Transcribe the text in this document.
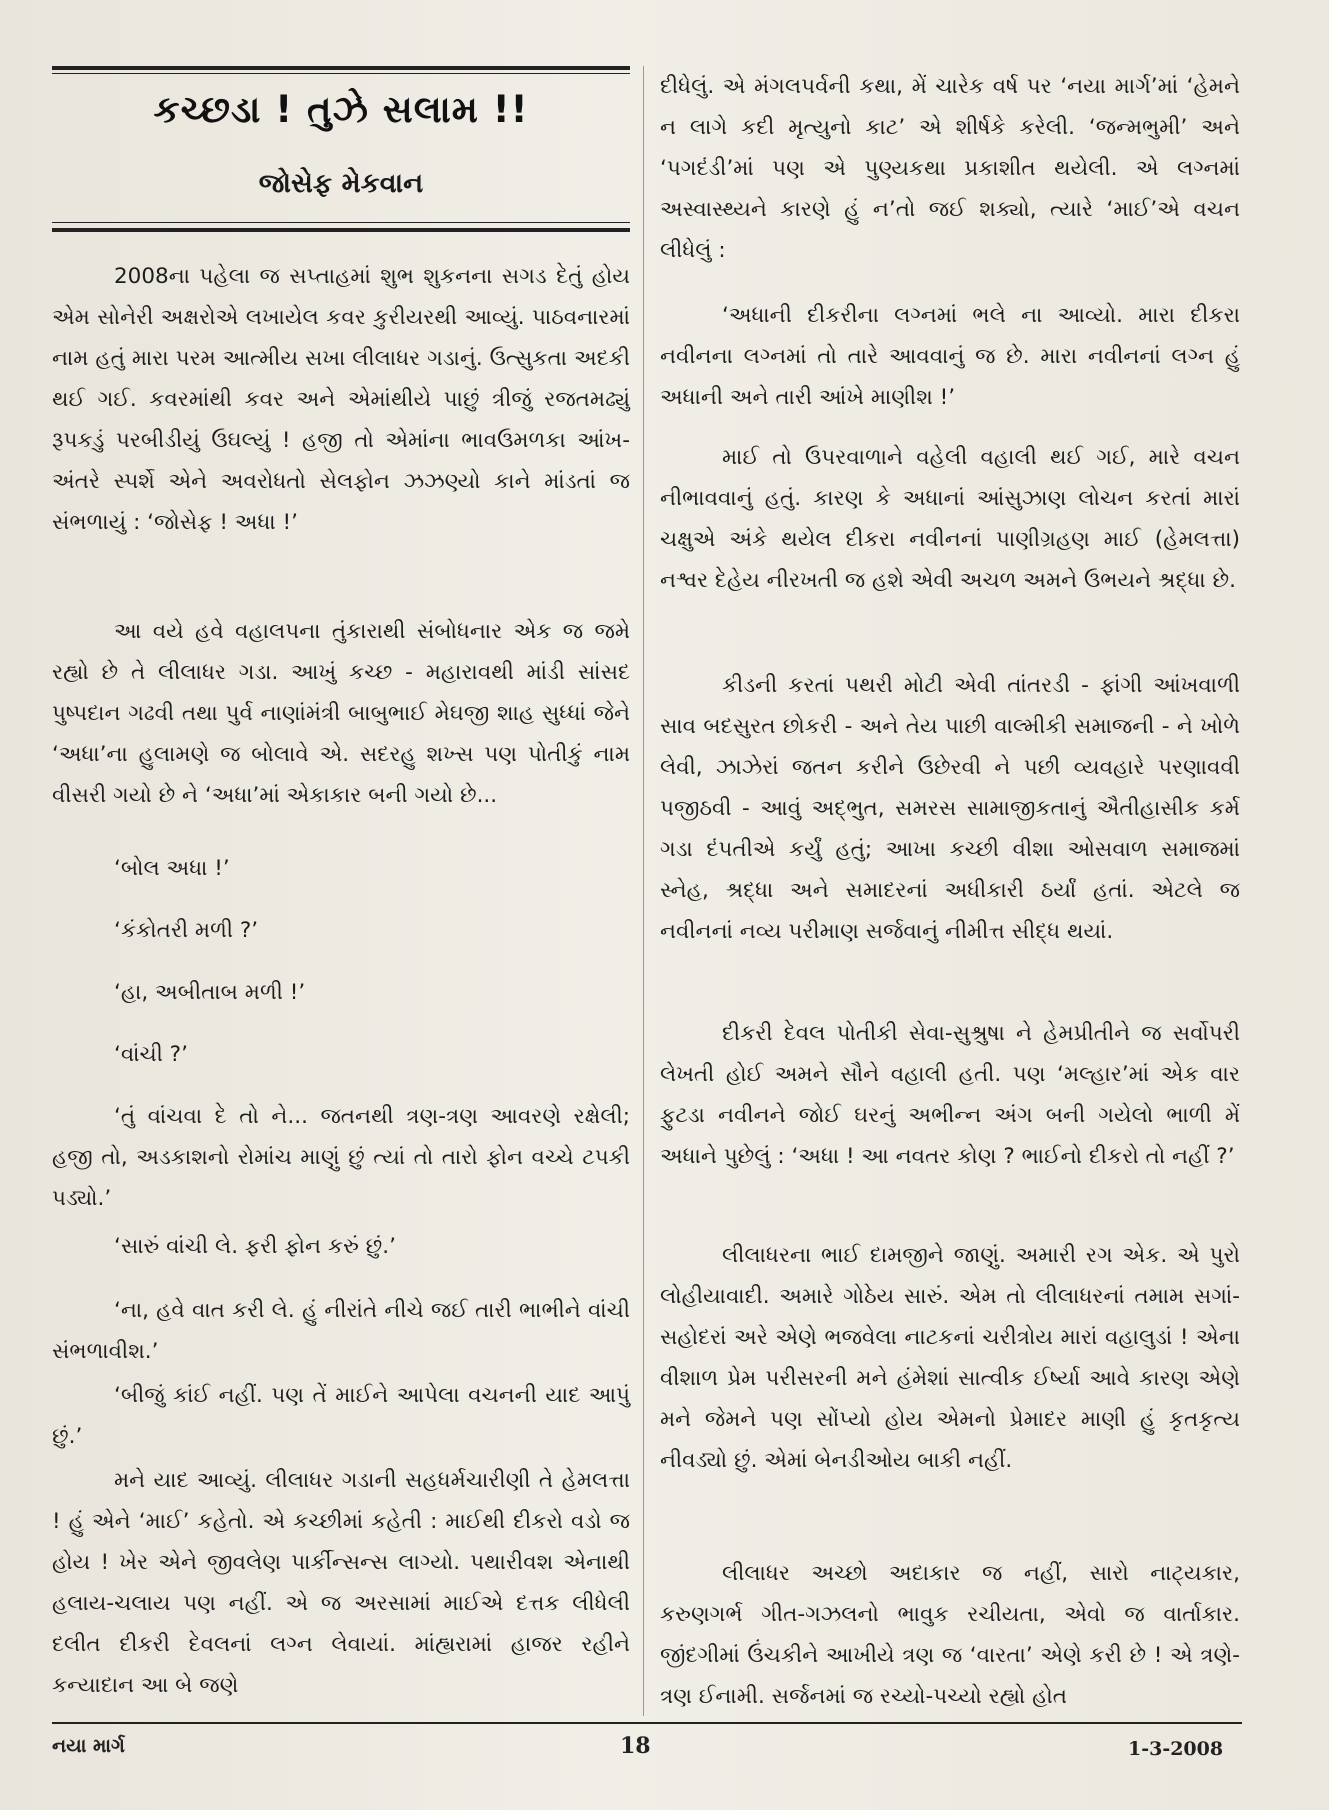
કચ્છડા ! તુઝે સલામ !!
જોસેફ મેકવાન

2008ના પહેલા જ સપ્તાહમાં શુભ શુકનના સગડ દેતું હોય એમ સોનેરી અક્ષરોએ લખાયેલ કવર કુરીયરથી આવ્યું. પાઠવનારમાં નામ હતું મારા પરમ આત્મીય સખા લીલાધર ગડાનું. ઉત્સુકતા અદકી થઈ ગઈ. કવરમાંથી કવર અને એમાંથીયે પાછું ત્રીજું રજતમઢ્યું રૂપકડું પરબીડીયું ઉઘલ્યું ! હજી તો એમાંના ભાવઉમળકા આંખ-અંતરે સ્પર્શે એને અવરોધતો સેલફોન ઝઝણ્યો કાને માંડતાં જ સંભળાયું : ‘જોસેફ ! અધા !’

આ વયે હવે વહાલપના તુંકારાથી સંબોધનાર એક જ જમે રહ્યો છે તે લીલાધર ગડા. આખું કચ્છ - મહારાવથી માંડી સાંસદ પુષ્પદાન ગઢવી તથા પુર્વ નાણાંમંત્રી બાબુભાઈ મેઘજી શાહ સુધ્ધાં જેને ‘અધા’ના હુલામણે જ બોલાવે એ. સદરહુ શખ્સ પણ પોતીકું નામ વીસરી ગયો છે ને ‘અધા’માં એકાકાર બની ગયો છે...

‘બોલ અધા !’

‘કંકોતરી મળી ?’

‘હા, અબીતાબ મળી !’

‘વાંચી ?’

‘તું વાંચવા દે તો ને... જતનથી ત્રણ-ત્રણ આવરણે રક્ષેલી; હજી તો, અડકાશનો રોમાંચ માણું છું ત્યાં તો તારો ફોન વચ્ચે ટપકી પડ્યો.’

‘સારું વાંચી લે. ફરી ફોન કરું છું.’

‘ના, હવે વાત કરી લે. હું નીરાંતે નીચે જઈ તારી ભાભીને વાંચી સંભળાવીશ.’

‘બીજું કાંઈ નહીં. પણ તેં માઈને આપેલા વચનની યાદ આપું છું.’

મને યાદ આવ્યું. લીલાધર ગડાની સહધર્મચારીણી તે હેમલત્તા ! હું એને ‘માઈ’ કહેતો. એ કચ્છીમાં કહેતી : માઈથી દીકરો વડો જ હોય ! ખેર એને જીવલેણ પાર્કીન્સન્સ લાગ્યો. પથારીવશ એનાથી હલાય-ચલાય પણ નહીં. એ જ અરસામાં માઈએ દત્તક લીધેલી દલીત દીકરી દેવલનાં લગ્ન લેવાયાં. માંહ્યરામાં હાજર રહીને કન્યાદાન આ બે જણે

દીધેલું. એ મંગલપર્વની કથા, મેં ચારેક વર્ષ પર ‘નયા માર્ગ’માં ‘હેમને ન લાગે કદી મૃત્યુનો કાટ’ એ શીર્ષકે કરેલી. ‘જન્મભુમી’ અને ‘પગદંડી’માં પણ એ પુણ્યકથા પ્રકાશીત થયેલી. એ લગ્નમાં અસ્વાસ્થ્યને કારણે હું ન’તો જઈ શક્યો, ત્યારે ‘માઈ’એ વચન લીધેલું :

‘અધાની દીકરીના લગ્નમાં ભલે ના આવ્યો. મારા દીકરા નવીનના લગ્નમાં તો તારે આવવાનું જ છે. મારા નવીનનાં લગ્ન હું અધાની અને તારી આંખે માણીશ !’

માઈ તો ઉપરવાળાને વહેલી વહાલી થઈ ગઈ, મારે વચન નીભાવવાનું હતું. કારણ કે અધાનાં આંસુઝાણ લોચન કરતાં મારાં ચક્ષુએ અંકે થયેલ દીકરા નવીનનાં પાણીગ્રહણ માઈ (હેમલત્તા) નશ્વર દેહેય નીરખતી જ હશે એવી અચળ અમને ઉભયને શ્રદ્ધા છે.

કીડની કરતાં પથરી મોટી એવી તાંતરડી - ફાંગી આંખવાળી સાવ બદસુરત છોકરી - અને તેય પાછી વાલ્મીકી સમાજની - ને ખોળે લેવી, ઝાઝેરાં જતન કરીને ઉછેરવી ને પછી વ્યવહારે પરણાવવી પજીઠવી - આવું અદ્ભુત, સમરસ સામાજીકતાનું ઐતીહાસીક કર્મ ગડા દંપતીએ કર્યું હતું; આખા કચ્છી વીશા ઓસવાળ સમાજમાં સ્નેહ, શ્રદ્ધા અને સમાદરનાં અધીકારી ઠર્યાં હતાં. એટલે જ નવીનનાં નવ્ય પરીમાણ સર્જવાનું નીમીત્ત સીદ્ધ થયાં.

દીકરી દેવલ પોતીકી સેવા-સુશ્રુષા ને હેમપ્રીતીને જ સર્વોપરી લેખતી હોઈ અમને સૌને વહાલી હતી. પણ ‘મલ્હાર’માં એક વાર ફુટડા નવીનને જોઈ ઘરનું અભીન્ન અંગ બની ગયેલો ભાળી મેં અધાને પુછેલું : ‘અધા ! આ નવતર કોણ ? ભાઈનો દીકરો તો નહીં ?’

લીલાધરના ભાઈ દામજીને જાણું. અમારી રગ એક. એ પુરો લોહીયાવાદી. અમારે ગોઠેય સારું. એમ તો લીલાધરનાં તમામ સગાં-સહોદરાં અરે એણે ભજવેલા નાટકનાં ચરીત્રોય મારાં વહાલુડાં ! એના વીશાળ પ્રેમ પરીસરની મને હંમેશાં સાત્વીક ઈર્ષ્યા આવે કારણ એણે મને જેમને પણ સોંપ્યો હોય એમનો પ્રેમાદર માણી હું કૃતકૃત્ય નીવડ્યો છું. એમાં બેનડીઓય બાકી નહીં.

લીલાધર અચ્છો અદાકાર જ નહીં, સારો નાટ્યકાર, કરુણગર્ભ ગીત-ગઝલનો ભાવુક રચીયતા, એવો જ વાર્તાકાર. જીંદગીમાં ઉંચકીને આખીયે ત્રણ જ ‘વારતા’ એણે કરી છે ! એ ત્રણે-ત્રણ ઈનામી. સર્જનમાં જ રચ્યો-પચ્યો રહ્યો હોત

નયા માર્ગ	18	1-3-2008
